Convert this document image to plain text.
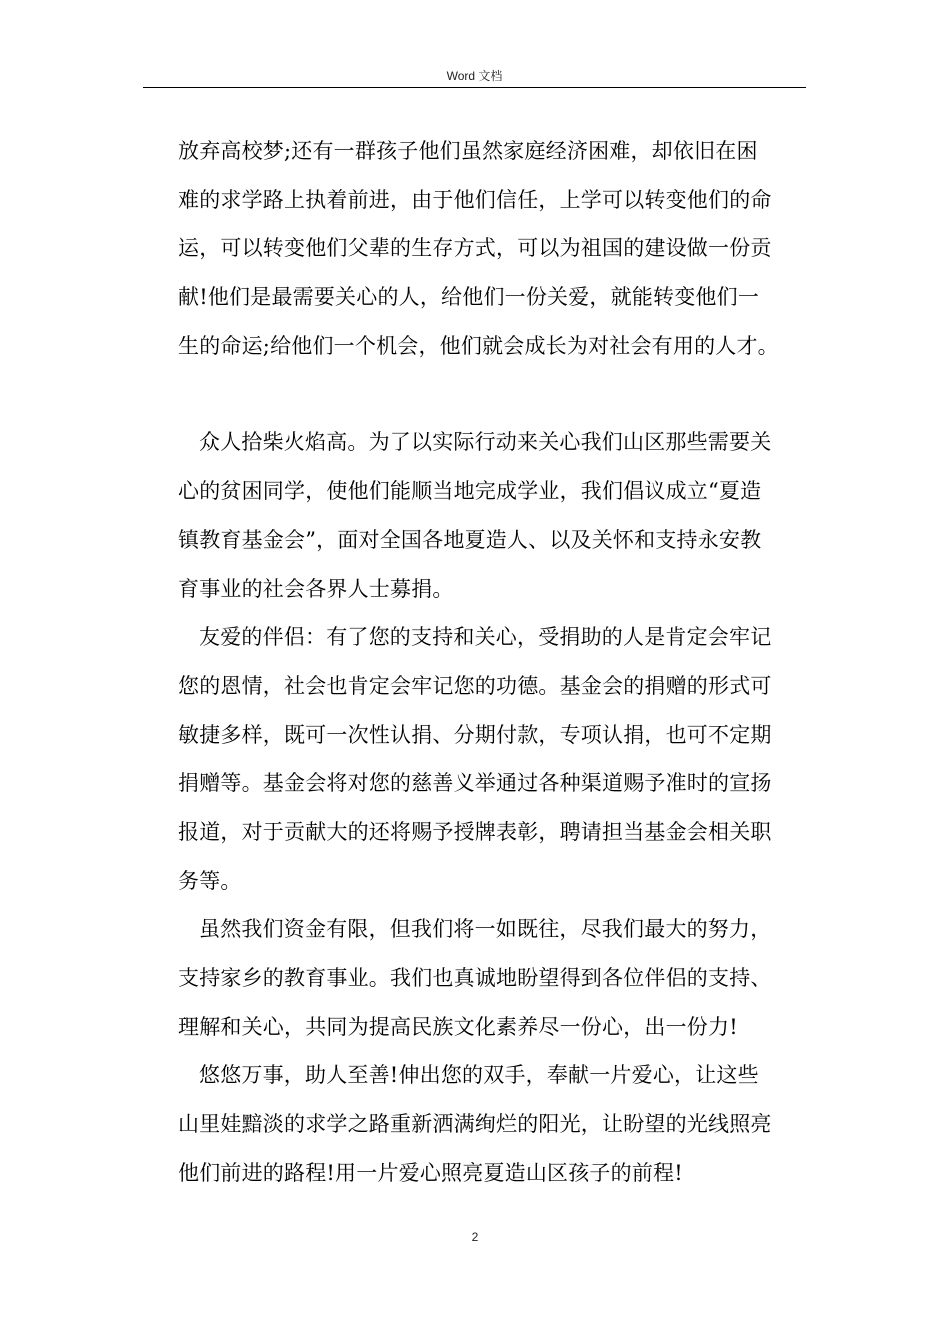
Word 文档

放弃高校梦;还有一群孩子他们虽然家庭经济困难，却依旧在困
难的求学路上执着前进，由于他们信任，上学可以转变他们的命
运，可以转变他们父辈的生存方式，可以为祖国的建设做一份贡
献!他们是最需要关心的人，给他们一份关爱，就能转变他们一
生的命运;给他们一个机会，他们就会成长为对社会有用的人才。

众人拾柴火焰高。为了以实际行动来关心我们山区那些需要关
心的贫困同学，使他们能顺当地完成学业，我们倡议成立“夏造
镇教育基金会”，面对全国各地夏造人、以及关怀和支持永安教
育事业的社会各界人士募捐。

友爱的伴侣：有了您的支持和关心，受捐助的人是肯定会牢记
您的恩情，社会也肯定会牢记您的功德。基金会的捐赠的形式可
敏捷多样，既可一次性认捐、分期付款，专项认捐，也可不定期
捐赠等。基金会将对您的慈善义举通过各种渠道赐予准时的宣扬
报道，对于贡献大的还将赐予授牌表彰，聘请担当基金会相关职
务等。

虽然我们资金有限，但我们将一如既往，尽我们最大的努力，
支持家乡的教育事业。我们也真诚地盼望得到各位伴侣的支持、
理解和关心，共同为提高民族文化素养尽一份心，出一份力!

悠悠万事，助人至善!伸出您的双手，奉献一片爱心，让这些
山里娃黯淡的求学之路重新洒满绚烂的阳光，让盼望的光线照亮
他们前进的路程!用一片爱心照亮夏造山区孩子的前程!

2
